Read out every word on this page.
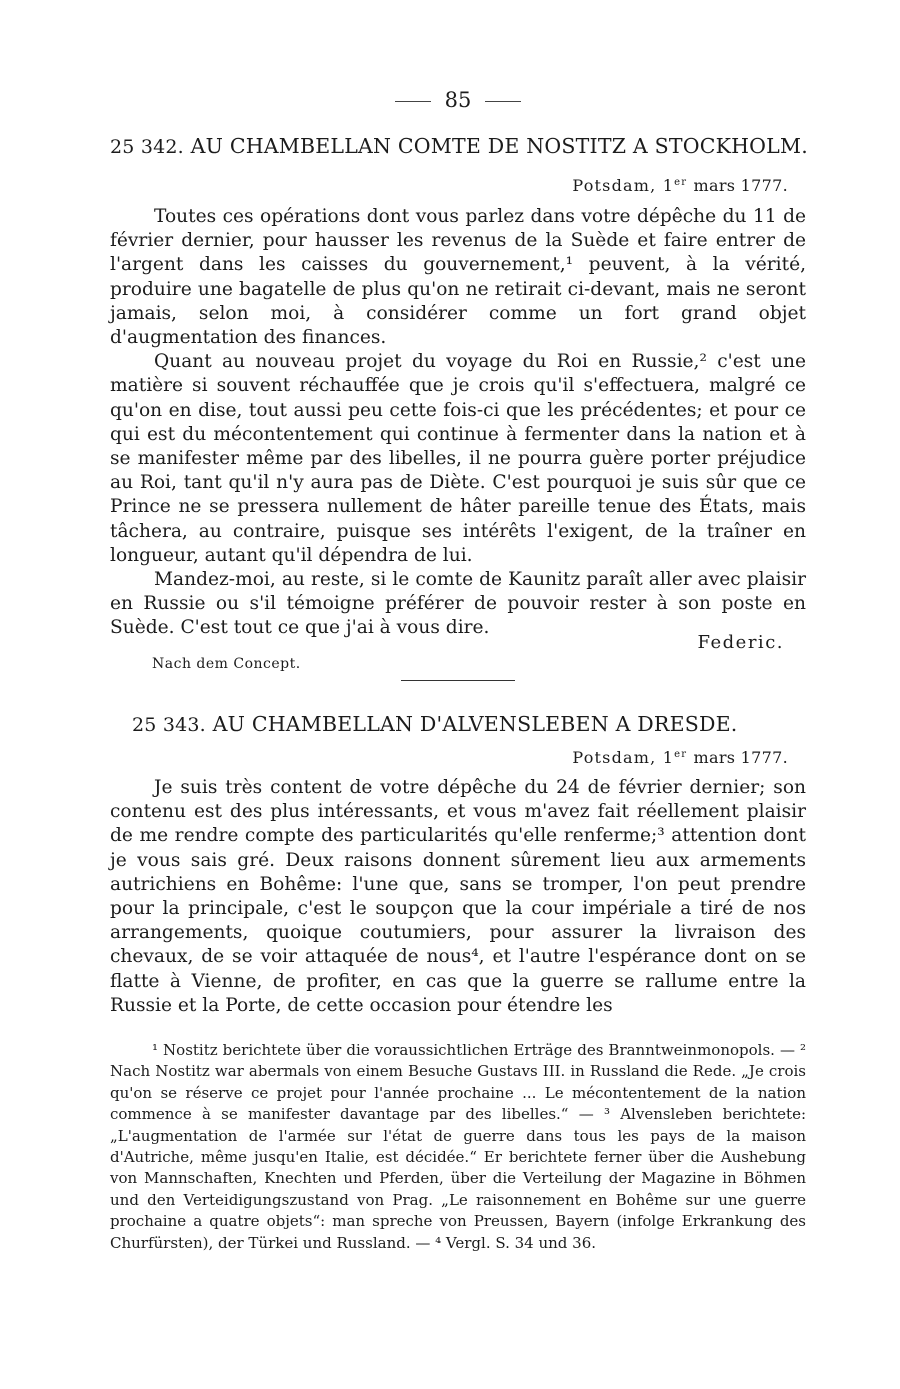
85
25 342. AU CHAMBELLAN COMTE DE NOSTITZ A STOCKHOLM.
Potsdam, 1er mars 1777.

Toutes ces opérations dont vous parlez dans votre dépêche du 11 de février dernier, pour hausser les revenus de la Suède et faire entrer de l'argent dans les caisses du gouvernement,¹ peuvent, à la vérité, produire une bagatelle de plus qu'on ne retirait ci-devant, mais ne seront jamais, selon moi, à considérer comme un fort grand objet d'augmentation des finances.

Quant au nouveau projet du voyage du Roi en Russie,² c'est une matière si souvent réchauffée que je crois qu'il s'effectuera, malgré ce qu'on en dise, tout aussi peu cette fois-ci que les précédentes; et pour ce qui est du mécontentement qui continue à fermenter dans la nation et à se manifester même par des libelles, il ne pourra guère porter préjudice au Roi, tant qu'il n'y aura pas de Diète. C'est pourquoi je suis sûr que ce Prince ne se pressera nullement de hâter pareille tenue des États, mais tâchera, au contraire, puisque ses intérêts l'exigent, de la traîner en longueur, autant qu'il dépendra de lui.

Mandez-moi, au reste, si le comte de Kaunitz paraît aller avec plaisir en Russie ou s'il témoigne préférer de pouvoir rester à son poste en Suède. C'est tout ce que j'ai à vous dire.

Federic.
Nach dem Concept.
25 343. AU CHAMBELLAN D'ALVENSLEBEN A DRESDE.
Potsdam, 1er mars 1777.

Je suis très content de votre dépêche du 24 de février dernier; son contenu est des plus intéressants, et vous m'avez fait réellement plaisir de me rendre compte des particularités qu'elle renferme;³ attention dont je vous sais gré. Deux raisons donnent sûrement lieu aux armements autrichiens en Bohême: l'une que, sans se tromper, l'on peut prendre pour la principale, c'est le soupçon que la cour impériale a tiré de nos arrangements, quoique coutumiers, pour assurer la livraison des chevaux, de se voir attaquée de nous⁴, et l'autre l'espérance dont on se flatte à Vienne, de profiter, en cas que la guerre se rallume entre la Russie et la Porte, de cette occasion pour étendre les

¹ Nostitz berichtete über die voraussichtlichen Erträge des Branntweinmonopols. — ² Nach Nostitz war abermals von einem Besuche Gustavs III. in Russland die Rede. „Je crois qu'on se réserve ce projet pour l'année prochaine ... Le mécontentement de la nation commence à se manifester davantage par des libelles.“ — ³ Alvensleben berichtete: „L'augmentation de l'armée sur l'état de guerre dans tous les pays de la maison d'Autriche, même jusqu'en Italie, est décidée.“ Er berichtete ferner über die Aushebung von Mannschaften, Knechten und Pferden, über die Verteilung der Magazine in Böhmen und den Verteidigungszustand von Prag. „Le raisonnement en Bohême sur une guerre prochaine a quatre objets“: man spreche von Preussen, Bayern (infolge Erkrankung des Churfürsten), der Türkei und Russland. — ⁴ Vergl. S. 34 und 36.
